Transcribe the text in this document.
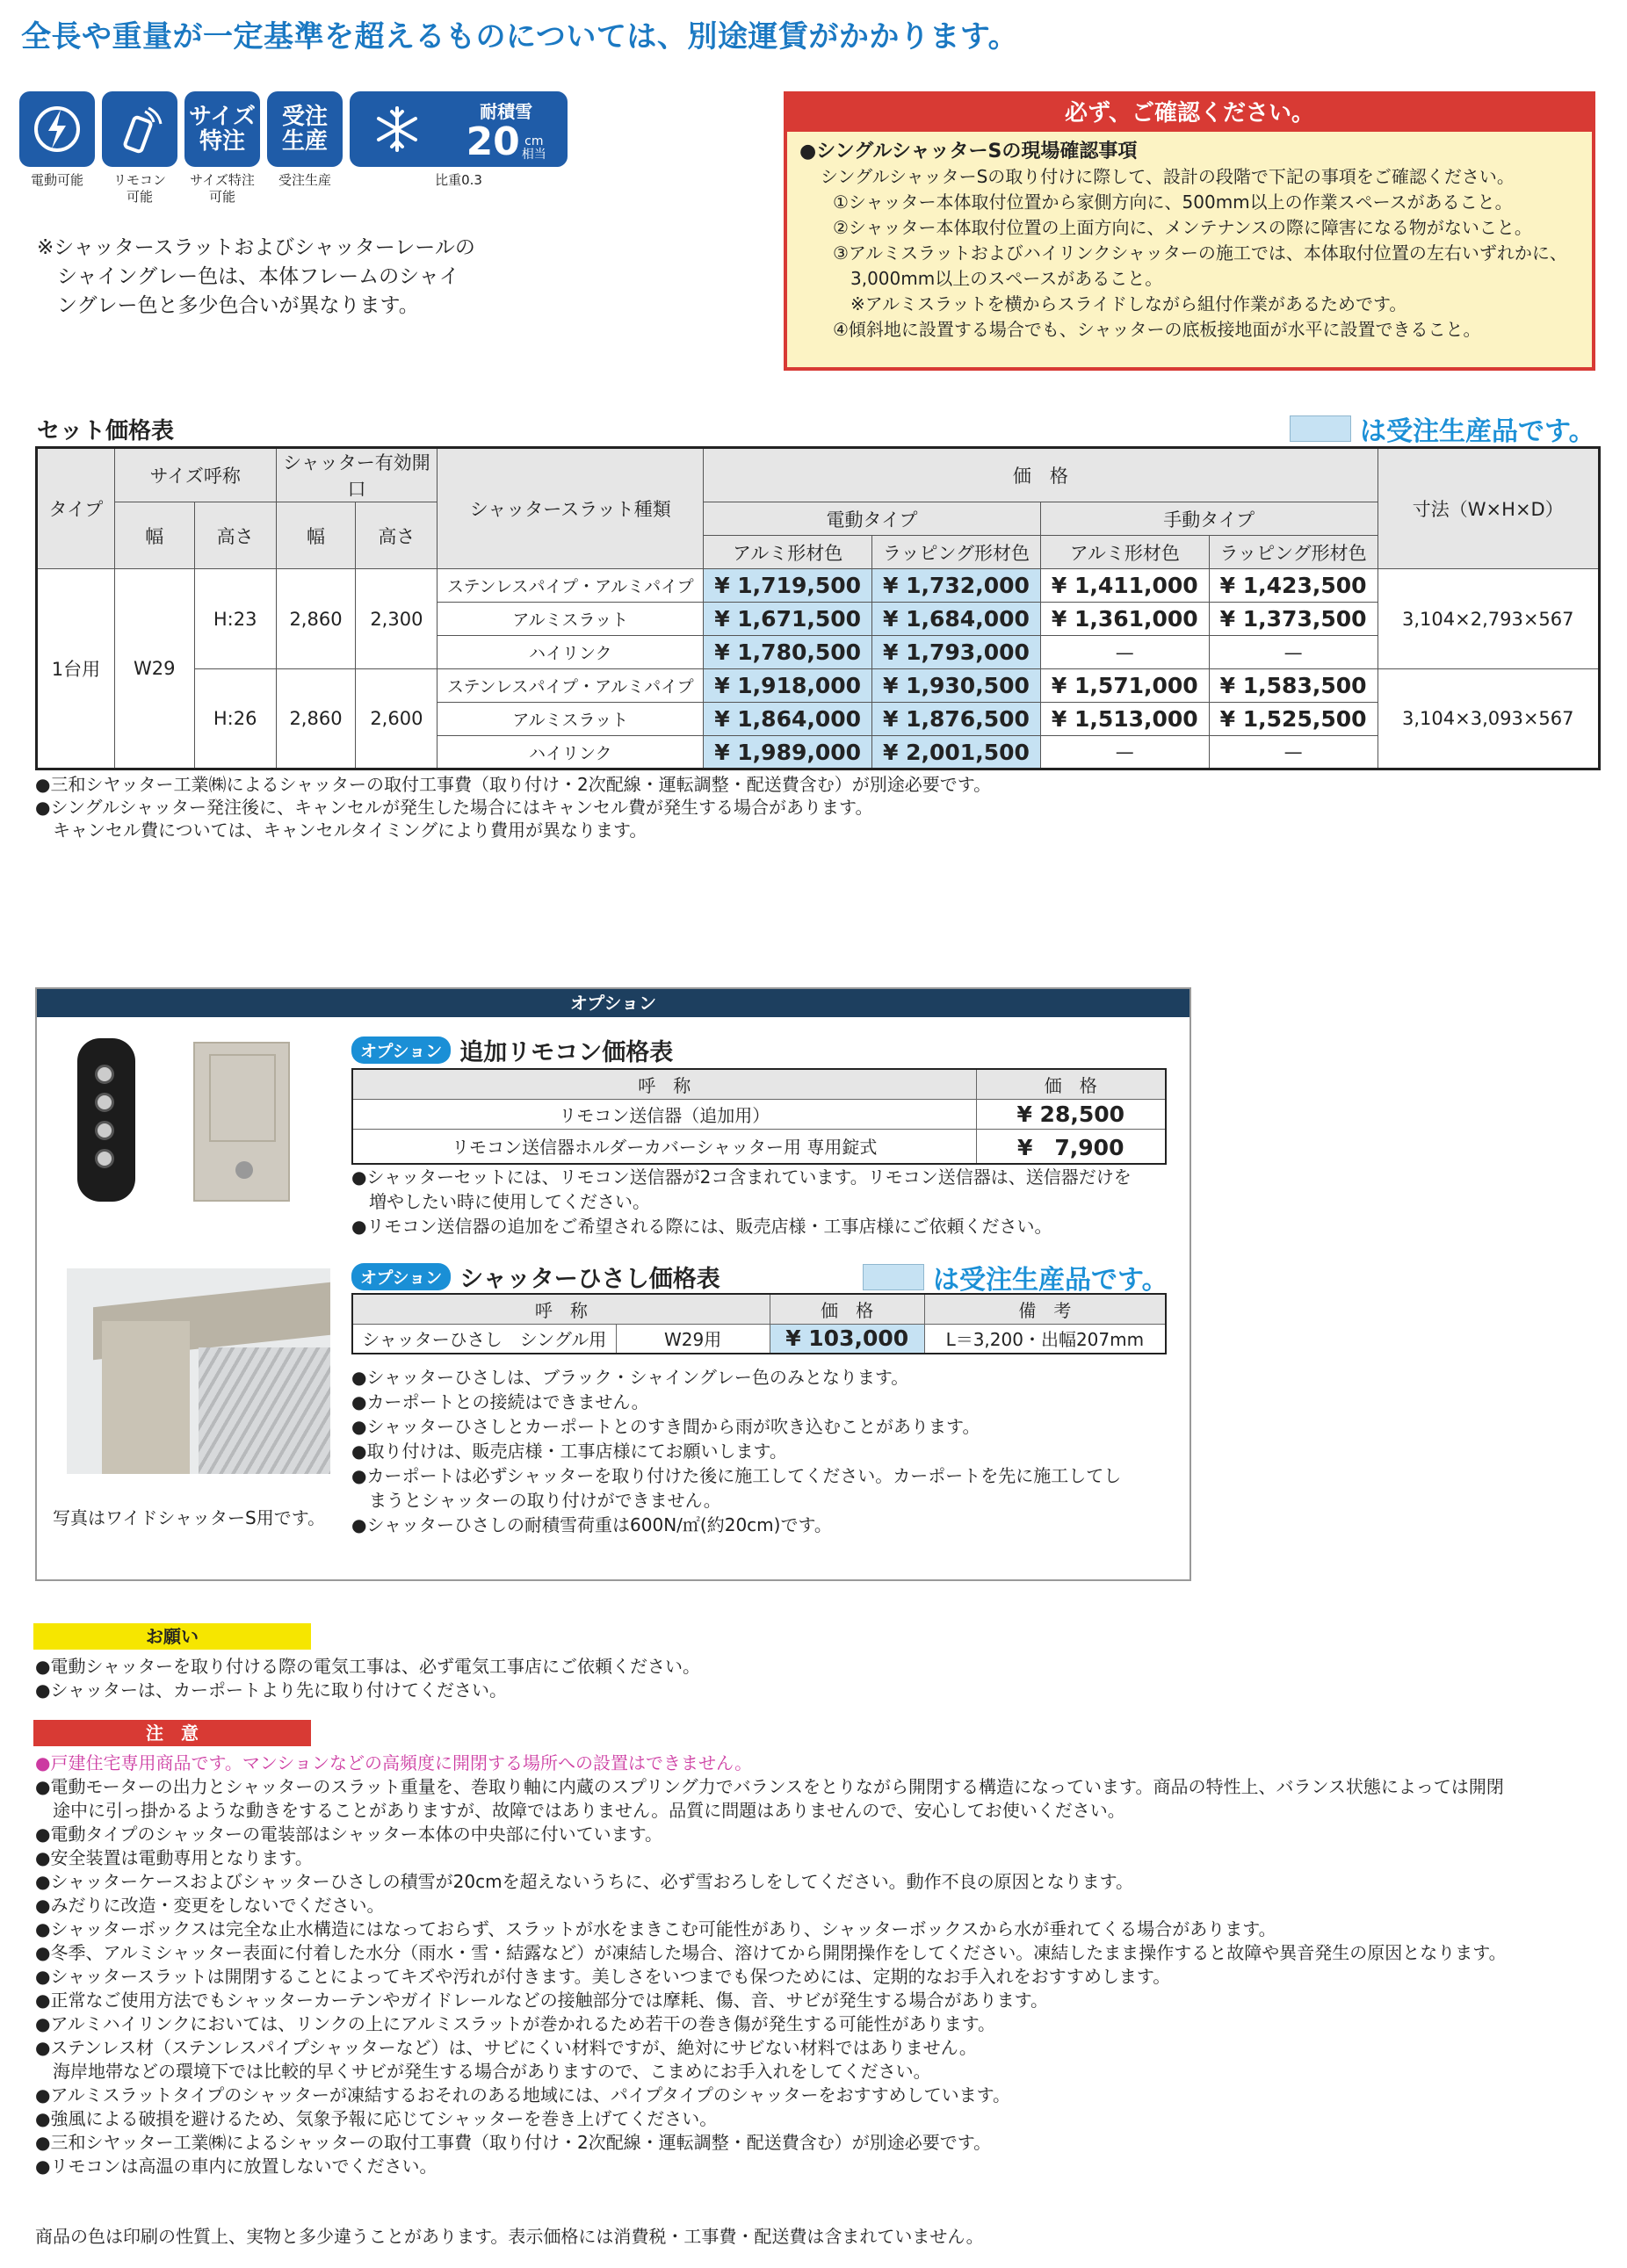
全長や重量が一定基準を超えるものについては、別途運賃がかかります。
電動可能 リモコン
可能
サイズ
特注
サイズ特注
可能
受注
生産
受注生産
耐積雪
20 cm
相当
比重0.3
※シャッタースラットおよびシャッターレールの
　シャイングレー色は、本体フレームのシャイ
　ングレー色と多少色合いが異なります。
必ず、ご確認ください。
●シングルシャッターSの現場確認事項
シングルシャッターSの取り付けに際して、設計の段階で下記の事項をご確認ください。
①シャッター本体取付位置から家側方向に、500mm以上の作業スペースがあること。
②シャッター本体取付位置の上面方向に、メンテナンスの際に障害になる物がないこと。
③アルミスラットおよびハイリンクシャッターの施工では、本体取付位置の左右いずれかに、
　3,000mm以上のスペースがあること。
　※アルミスラットを横からスライドしながら組付作業があるためです。
④傾斜地に設置する場合でも、シャッターの底板接地面が水平に設置できること。
セット価格表	は受注生産品です。
タイプ	サイズ呼称		シャッター有効開口		シャッタースラット種類	価　格				寸法（W×H×D）
	幅	高さ	幅	高さ		電動タイプ		手動タイプ		
						アルミ形材色	ラッピング形材色	アルミ形材色	ラッピング形材色	
1台用	W29	H:23	2,860	2,300	ステンレスパイプ・アルミパイプ	¥ 1,719,500	¥ 1,732,000	¥ 1,411,000	¥ 1,423,500	3,104×2,793×567
					アルミスラット	¥ 1,671,500	¥ 1,684,000	¥ 1,361,000	¥ 1,373,500	
					ハイリンク	¥ 1,780,500	¥ 1,793,000	—	—	
		H:26	2,860	2,600	ステンレスパイプ・アルミパイプ	¥ 1,918,000	¥ 1,930,500	¥ 1,571,000	¥ 1,583,500	3,104×3,093×567
					アルミスラット	¥ 1,864,000	¥ 1,876,500	¥ 1,513,000	¥ 1,525,500	
					ハイリンク	¥ 1,989,000	¥ 2,001,500	—	—	
●三和シヤッター工業㈱によるシャッターの取付工事費（取り付け・2次配線・運転調整・配送費含む）が別途必要です。
●シングルシャッター発注後に、キャンセルが発生した場合にはキャンセル費が発生する場合があります。
　キャンセル費については、キャンセルタイミングにより費用が異なります。
オプション
オプション 追加リモコン価格表
呼　称	価　格
リモコン送信器（追加用）	¥ 28,500
リモコン送信器ホルダーカバーシャッター用 専用錠式	¥　7,900
●シャッターセットには、リモコン送信器が2コ含まれています。リモコン送信器は、送信器だけを
　増やしたい時に使用してください。
●リモコン送信器の追加をご希望される際には、販売店様・工事店様にご依頼ください。
オプション シャッターひさし価格表	は受注生産品です。
呼　称		価　格	備　考
シャッターひさし　シングル用	W29用	¥ 103,000	L＝3,200・出幅207mm
●シャッターひさしは、ブラック・シャイングレー色のみとなります。
●カーポートとの接続はできません。
●シャッターひさしとカーポートとのすき間から雨が吹き込むことがあります。
●取り付けは、販売店様・工事店様にてお願いします。
●カーポートは必ずシャッターを取り付けた後に施工してください。カーポートを先に施工してし
　まうとシャッターの取り付けができません。
●シャッターひさしの耐積雪荷重は600N/㎡(約20cm)です。
写真はワイドシャッターS用です。
お願い
●電動シャッターを取り付ける際の電気工事は、必ず電気工事店にご依頼ください。
●シャッターは、カーポートより先に取り付けてください。
注　意
●戸建住宅専用商品です。マンションなどの高頻度に開閉する場所への設置はできません。
●電動モーターの出力とシャッターのスラット重量を、巻取り軸に内蔵のスプリング力でバランスをとりながら開閉する構造になっています。商品の特性上、バランス状態によっては開閉
　途中に引っ掛かるような動きをすることがありますが、故障ではありません。品質に問題はありませんので、安心してお使いください。
●電動タイプのシャッターの電装部はシャッター本体の中央部に付いています。
●安全装置は電動専用となります。
●シャッターケースおよびシャッターひさしの積雪が20cmを超えないうちに、必ず雪おろしをしてください。動作不良の原因となります。
●みだりに改造・変更をしないでください。
●シャッターボックスは完全な止水構造にはなっておらず、スラットが水をまきこむ可能性があり、シャッターボックスから水が垂れてくる場合があります。
●冬季、アルミシャッター表面に付着した水分（雨水・雪・結露など）が凍結した場合、溶けてから開閉操作をしてください。凍結したまま操作すると故障や異音発生の原因となります。
●シャッタースラットは開閉することによってキズや汚れが付きます。美しさをいつまでも保つためには、定期的なお手入れをおすすめします。
●正常なご使用方法でもシャッターカーテンやガイドレールなどの接触部分では摩耗、傷、音、サビが発生する場合があります。
●アルミハイリンクにおいては、リンクの上にアルミスラットが巻かれるため若干の巻き傷が発生する可能性があります。
●ステンレス材（ステンレスパイプシャッターなど）は、サビにくい材料ですが、絶対にサビない材料ではありません。
　海岸地帯などの環境下では比較的早くサビが発生する場合がありますので、こまめにお手入れをしてください。
●アルミスラットタイプのシャッターが凍結するおそれのある地域には、パイプタイプのシャッターをおすすめしています。
●強風による破損を避けるため、気象予報に応じてシャッターを巻き上げてください。
●三和シヤッター工業㈱によるシャッターの取付工事費（取り付け・2次配線・運転調整・配送費含む）が別途必要です。
●リモコンは高温の車内に放置しないでください。
商品の色は印刷の性質上、実物と多少違うことがあります。表示価格には消費税・工事費・配送費は含まれていません。
